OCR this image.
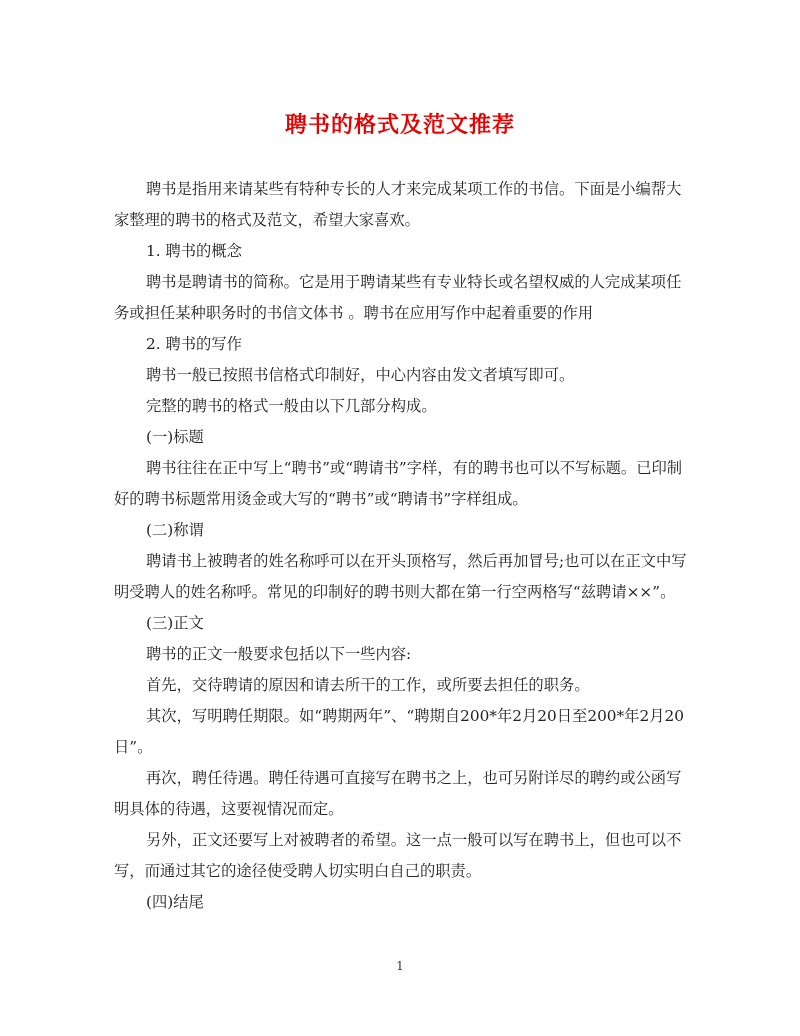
聘书的格式及范文推荐

聘书是指用来请某些有特种专长的人才来完成某项工作的书信。下面是小编帮大家整理的聘书的格式及范文，希望大家喜欢。

1. 聘书的概念

聘书是聘请书的简称。它是用于聘请某些有专业特长或名望权威的人完成某项任务或担任某种职务时的书信文体书 。聘书在应用写作中起着重要的作用

2. 聘书的写作

聘书一般已按照书信格式印制好，中心内容由发文者填写即可。

完整的聘书的格式一般由以下几部分构成。

(一)标题

聘书往往在正中写上“聘书”或“聘请书”字样，有的聘书也可以不写标题。已印制好的聘书标题常用烫金或大写的“聘书”或“聘请书”字样组成。

(二)称谓

聘请书上被聘者的姓名称呼可以在开头顶格写，然后再加冒号;也可以在正文中写明受聘人的姓名称呼。常见的印制好的聘书则大都在第一行空两格写“兹聘请××”。

(三)正文

聘书的正文一般要求包括以下一些内容:

首先，交待聘请的原因和请去所干的工作，或所要去担任的职务。

其次，写明聘任期限。如“聘期两年”、“聘期自200*年2月20日至200*年2月20日”。

再次，聘任待遇。聘任待遇可直接写在聘书之上，也可另附详尽的聘约或公函写明具体的待遇，这要视情况而定。

另外，正文还要写上对被聘者的希望。这一点一般可以写在聘书上，但也可以不写，而通过其它的途径使受聘人切实明白自己的职责。

(四)结尾

1
